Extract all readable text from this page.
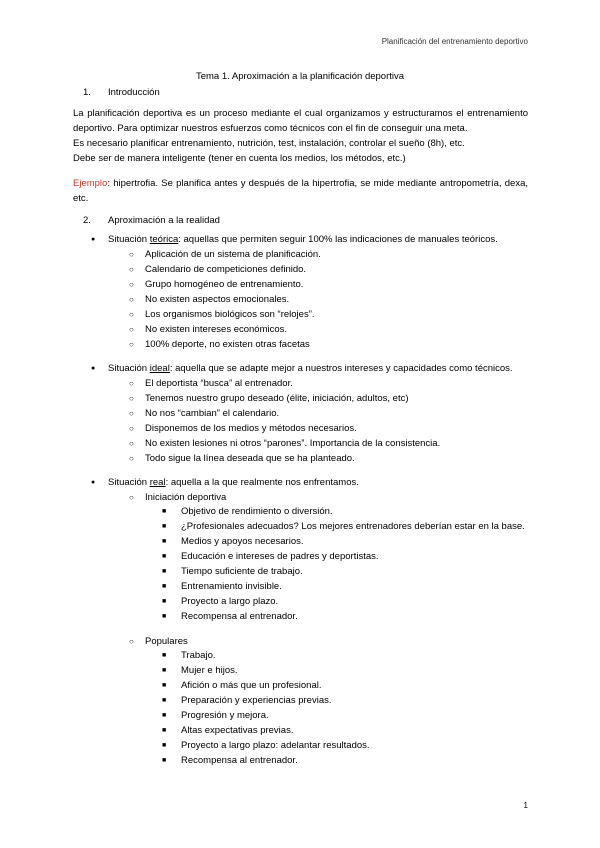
Planificación del entrenamiento deportivo
Tema 1. Aproximación a la planificación deportiva
1. Introducción
La planificación deportiva es un proceso mediante el cual organizamos y estructuramos el entrenamiento deportivo. Para optimizar nuestros esfuerzos como técnicos con el fin de conseguir una meta.
Es necesario planificar entrenamiento, nutrición, test, instalación, controlar el sueño (8h), etc.
Debe ser de manera inteligente (tener en cuenta los medios, los métodos, etc.)
Ejemplo: hipertrofia. Se planifica antes y después de la hipertrofia, se mide mediante antropometría, dexa, etc.
2. Aproximación a la realidad
● Situación teórica: aquellas que permiten seguir 100% las indicaciones de manuales teóricos.
○ Aplicación de un sistema de planificación.
○ Calendario de competiciones definido.
○ Grupo homogéneo de entrenamiento.
○ No existen aspectos emocionales.
○ Los organismos biológicos son “relojes”.
○ No existen intereses económicos.
○ 100% deporte, no existen otras facetas
● Situación ideal: aquella que se adapte mejor a nuestros intereses y capacidades como técnicos.
○ El deportista “busca” al entrenador.
○ Tenemos nuestro grupo deseado (élite, iniciación, adultos, etc)
○ No nos “cambian” el calendario.
○ Disponemos de los medios y métodos necesarios.
○ No existen lesiones ni otros “parones”. Importancia de la consistencia.
○ Todo sigue la línea deseada que se ha planteado.
● Situación real: aquella a la que realmente nos enfrentamos.
○ Iniciación deportiva
■ Objetivo de rendimiento o diversión.
■ ¿Profesionales adecuados? Los mejores entrenadores deberían estar en la base.
■ Medios y apoyos necesarios.
■ Educación e intereses de padres y deportistas.
■ Tiempo suficiente de trabajo.
■ Entrenamiento invisible.
■ Proyecto a largo plazo.
■ Recompensa al entrenador.
○ Populares
■ Trabajo.
■ Mujer e hijos.
■ Afición o más que un profesional.
■ Preparación y experiencias previas.
■ Progresión y mejora.
■ Altas expectativas previas.
■ Proyecto a largo plazo: adelantar resultados.
■ Recompensa al entrenador.
1
